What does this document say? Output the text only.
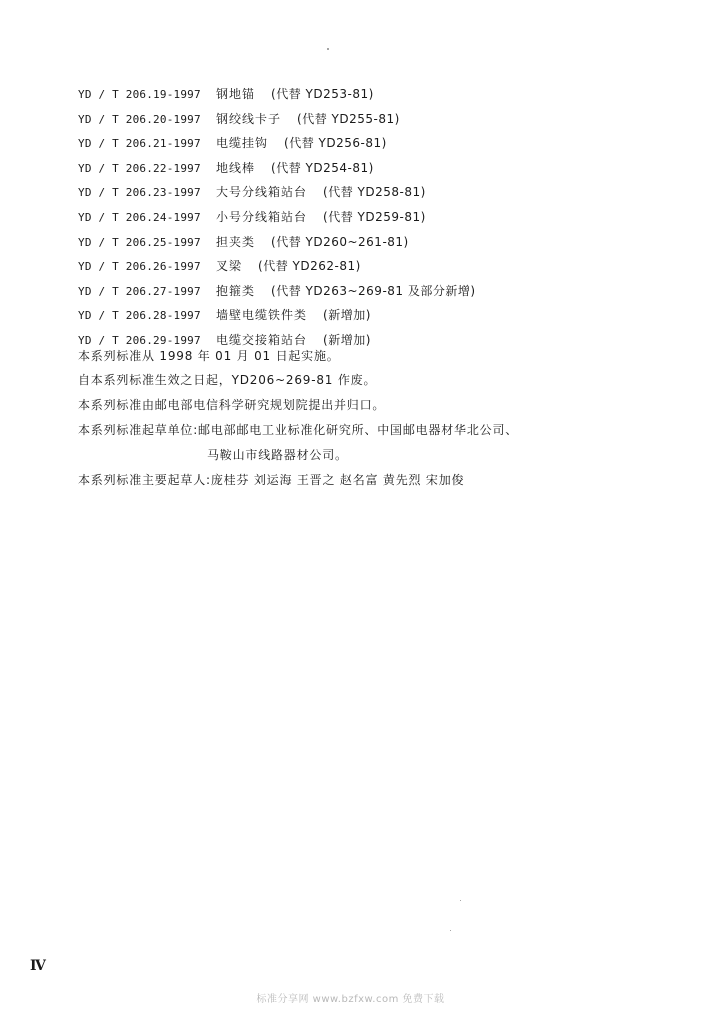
YD / T 206.19-1997 钢地锚 (代替 YD253-81)
YD / T 206.20-1997 钢绞线卡子 (代替 YD255-81)
YD / T 206.21-1997 电缆挂钩 (代替 YD256-81)
YD / T 206.22-1997 地线棒 (代替 YD254-81)
YD / T 206.23-1997 大号分线箱站台 (代替 YD258-81)
YD / T 206.24-1997 小号分线箱站台 (代替 YD259-81)
YD / T 206.25-1997 担夹类 (代替 YD260~261-81)
YD / T 206.26-1997 叉梁 (代替 YD262-81)
YD / T 206.27-1997 抱箍类 (代替 YD263~269-81 及部分新增)
YD / T 206.28-1997 墙壁电缆铁件类 (新增加)
YD / T 206.29-1997 电缆交接箱站台 (新增加)
本系列标准从 1998 年 01 月 01 日起实施。
自本系列标准生效之日起，YD206~269-81 作废。
本系列标准由邮电部电信科学研究规划院提出并归口。
本系列标准起草单位:邮电部邮电工业标准化研究所、中国邮电器材华北公司、
马鞍山市线路器材公司。
本系列标准主要起草人:庞桂芬 刘运海 王晋之 赵名富 黄先烈 宋加俊
Ⅳ
标准分享网 www.bzfxw.com 免费下载
